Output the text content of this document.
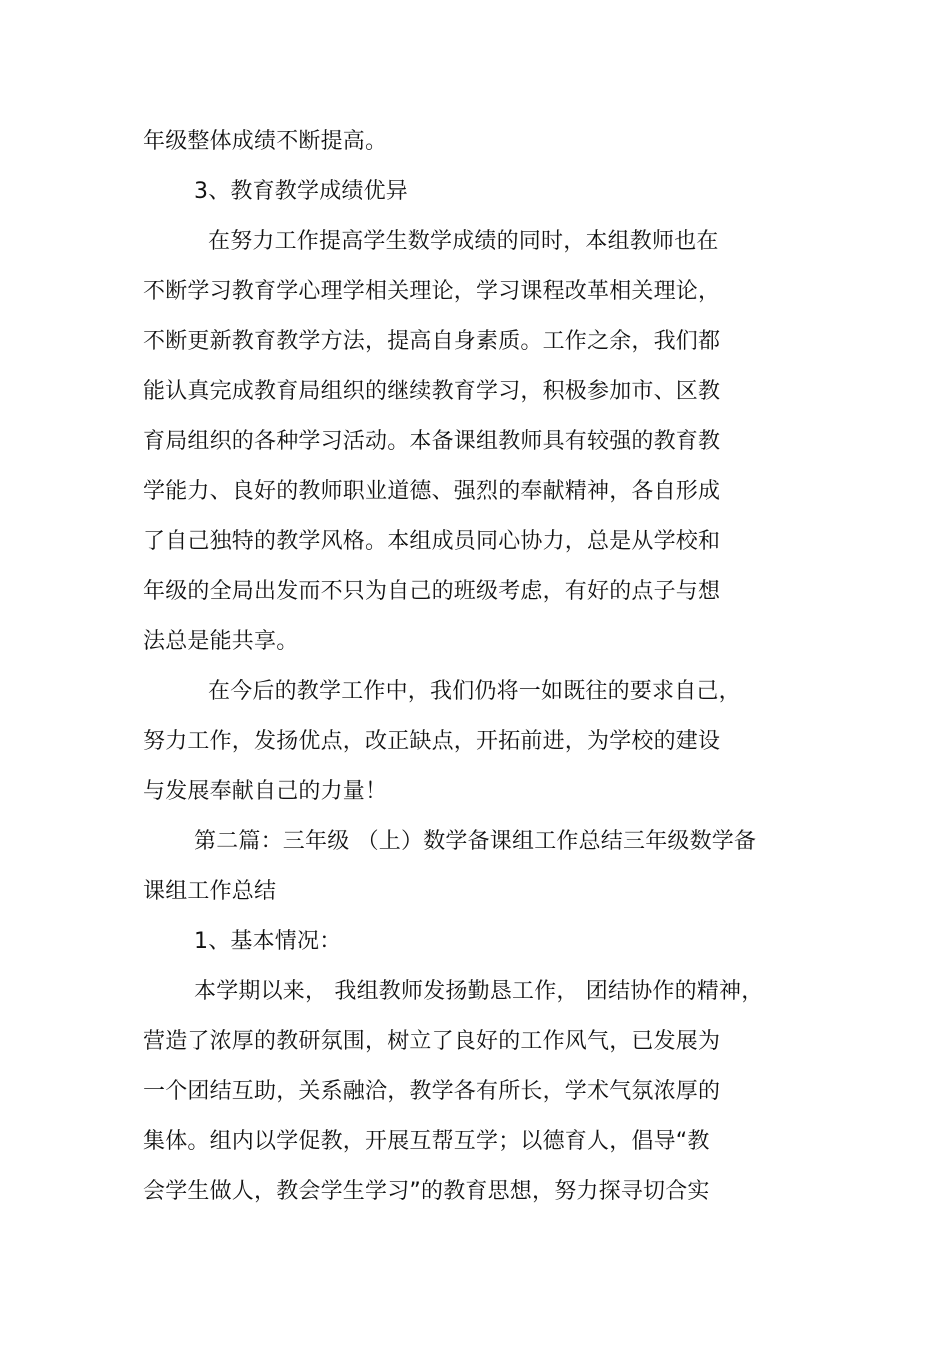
年级整体成绩不断提高。
3、教育教学成绩优异
在努力工作提高学生数学成绩的同时，本组教师也在
不断学习教育学心理学相关理论，学习课程改革相关理论，
不断更新教育教学方法，提高自身素质。工作之余，我们都
能认真完成教育局组织的继续教育学习，积极参加市、区教
育局组织的各种学习活动。本备课组教师具有较强的教育教
学能力、良好的教师职业道德、强烈的奉献精神，各自形成
了自己独特的教学风格。本组成员同心协力，总是从学校和
年级的全局出发而不只为自己的班级考虑，有好的点子与想
法总是能共享。
在今后的教学工作中，我们仍将一如既往的要求自己，
努力工作，发扬优点，改正缺点，开拓前进，为学校的建设
与发展奉献自己的力量！
第二篇：三年级 （上）数学备课组工作总结三年级数学备
课组工作总结
1、基本情况：
本学期以来， 我组教师发扬勤恳工作， 团结协作的精神，
营造了浓厚的教研氛围，树立了良好的工作风气，已发展为
一个团结互助，关系融洽，教学各有所长，学术气氛浓厚的
集体。组内以学促教，开展互帮互学；以德育人，倡导“教
会学生做人，教会学生学习”的教育思想，努力探寻切合实
